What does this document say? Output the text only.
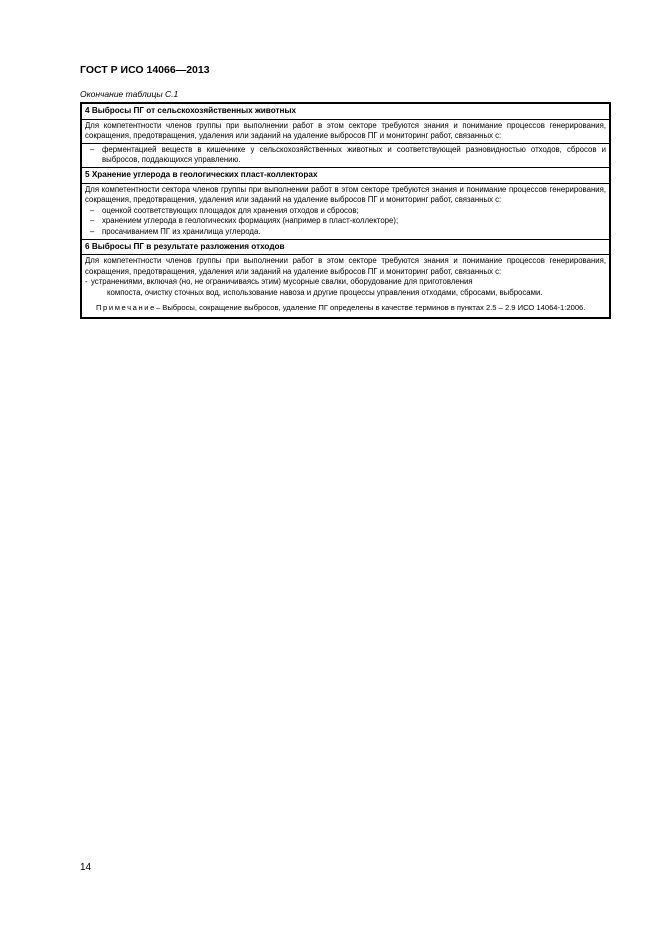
ГОСТ Р ИСО 14066—2013
Окончание таблицы С.1
4 Выбросы ПГ от сельскохозяйственных животных
Для компетентности членов группы при выполнении работ в этом секторе требуются знания и понимание процессов генерирования, сокращения, предотвращения, удаления или заданий на удаление выбросов ПГ и мониторинг работ, связанных с:
– ферментацией веществ в кишечнике у сельскохозяйственных животных и соответствующей разновидностью отходов, сбросов и выбросов, поддающихся управлению.
5 Хранение углерода в геологических пласт-коллекторах
Для компетентности сектора членов группы при выполнении работ в этом секторе требуются знания и понимание процессов генерирования, сокращения, предотвращения, удаления или заданий на удаление выбросов ПГ и мониторинг работ, связанных с:
– оценкой соответствующих площадок для хранения отходов и сбросов;
– хранением углерода в геологических формациях (например в пласт-коллекторе);
– просачиванием ПГ из хранилища углерода.
6 Выбросы ПГ в результате разложения отходов
Для компетентности членов группы при выполнении работ в этом секторе требуются знания и понимание процессов генерирования, сокращения, предотвращения, удаления или заданий на удаление выбросов ПГ и мониторинг работ, связанных с:
- устранениями, включая (но, не ограничиваясь этим) мусорные свалки, оборудование для приготовления
компоста, очистку сточных вод, использование навоза и другие процессы управления отходами, сбросами, выбросами.
Примечание– Выбросы, сокращение выбросов, удаление ПГ определены в качестве терминов в пунктах 2.5 – 2.9 ИСО 14064-1:2006.
14
